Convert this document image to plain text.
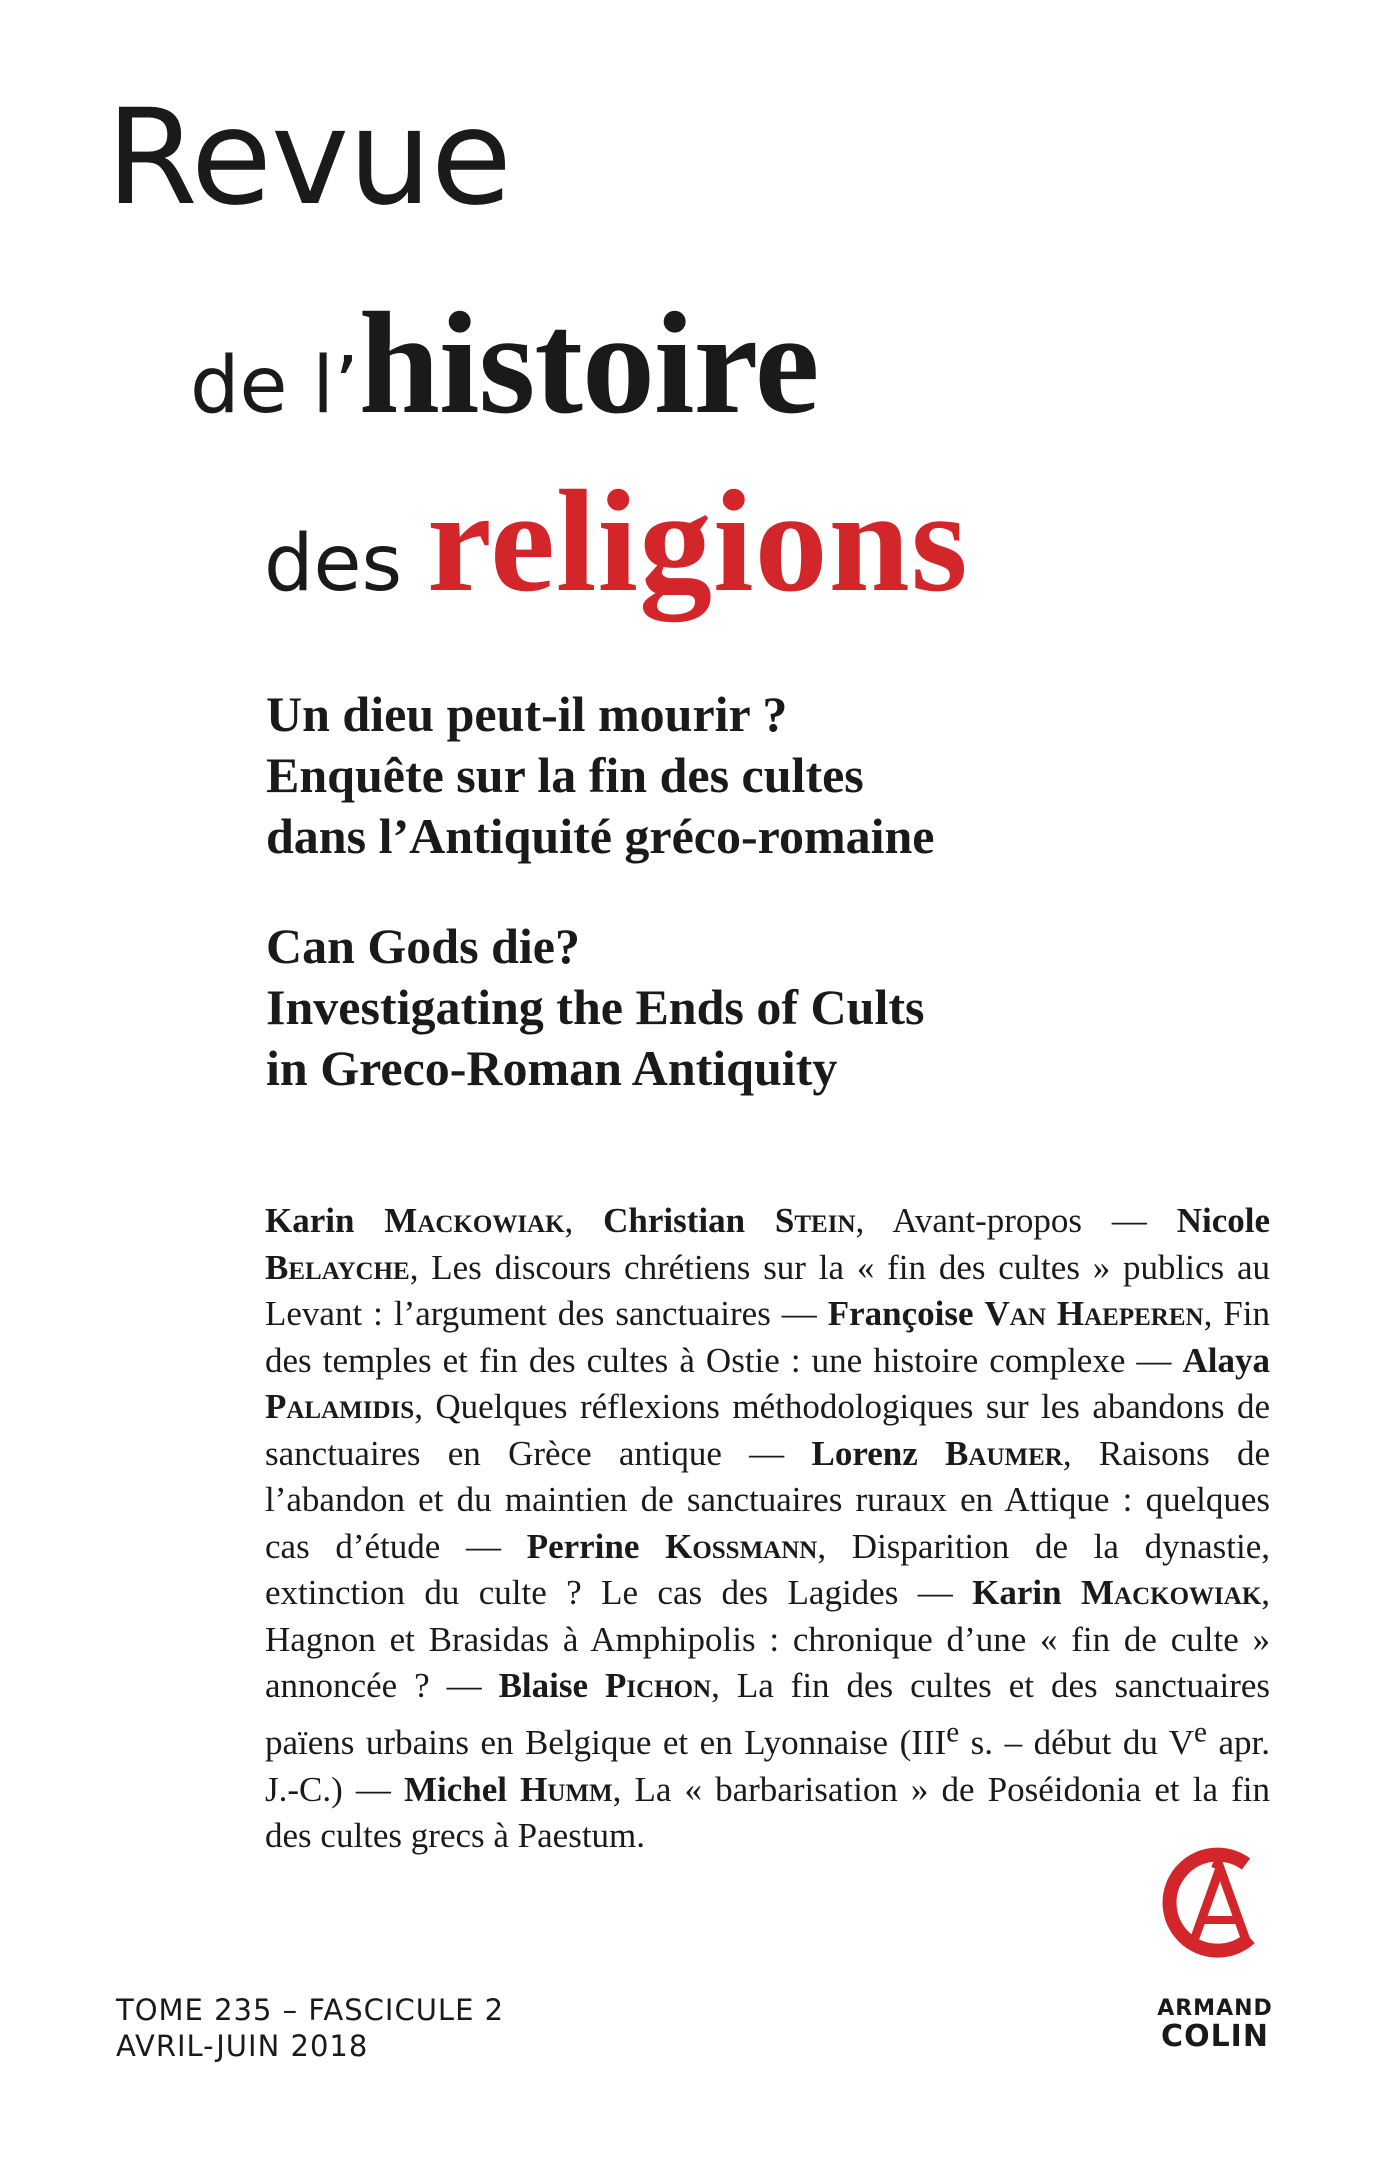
Revue
de l’histoire
des religions
Un dieu peut-il mourir ?
Enquête sur la fin des cultes
dans l’Antiquité gréco-romaine
Can Gods die?
Investigating the Ends of Cults
in Greco-Roman Antiquity

Karin Mackowiak, Christian Stein, Avant-propos — Nicole Belayche, Les discours chrétiens sur la « fin des cultes » publics au Levant : l’argument des sanctuaires — Françoise Van Haeperen, Fin des temples et fin des cultes à Ostie : une histoire complexe — Alaya Palamidis, Quelques réflexions méthodologiques sur les abandons de sanctuaires en Grèce antique — Lorenz Baumer, Raisons de l’abandon et du maintien de sanctuaires ruraux en Attique : quelques cas d’étude — Perrine Kossmann, Disparition de la dynastie, extinction du culte ? Le cas des Lagides — Karin Mackowiak, Hagnon et Brasidas à Amphipolis : chronique d’une « fin de culte » annoncée ? — Blaise Pichon, La fin des cultes et des sanctuaires païens urbains en Belgique et en Lyonnaise (IIIe s. – début du Ve apr. J.-C.) — Michel Humm, La « barbarisation » de Poséidonia et la fin des cultes grecs à Paestum.

TOME 235 – FASCICULE 2
AVRIL-JUIN 2018
ARMAND
COLIN
